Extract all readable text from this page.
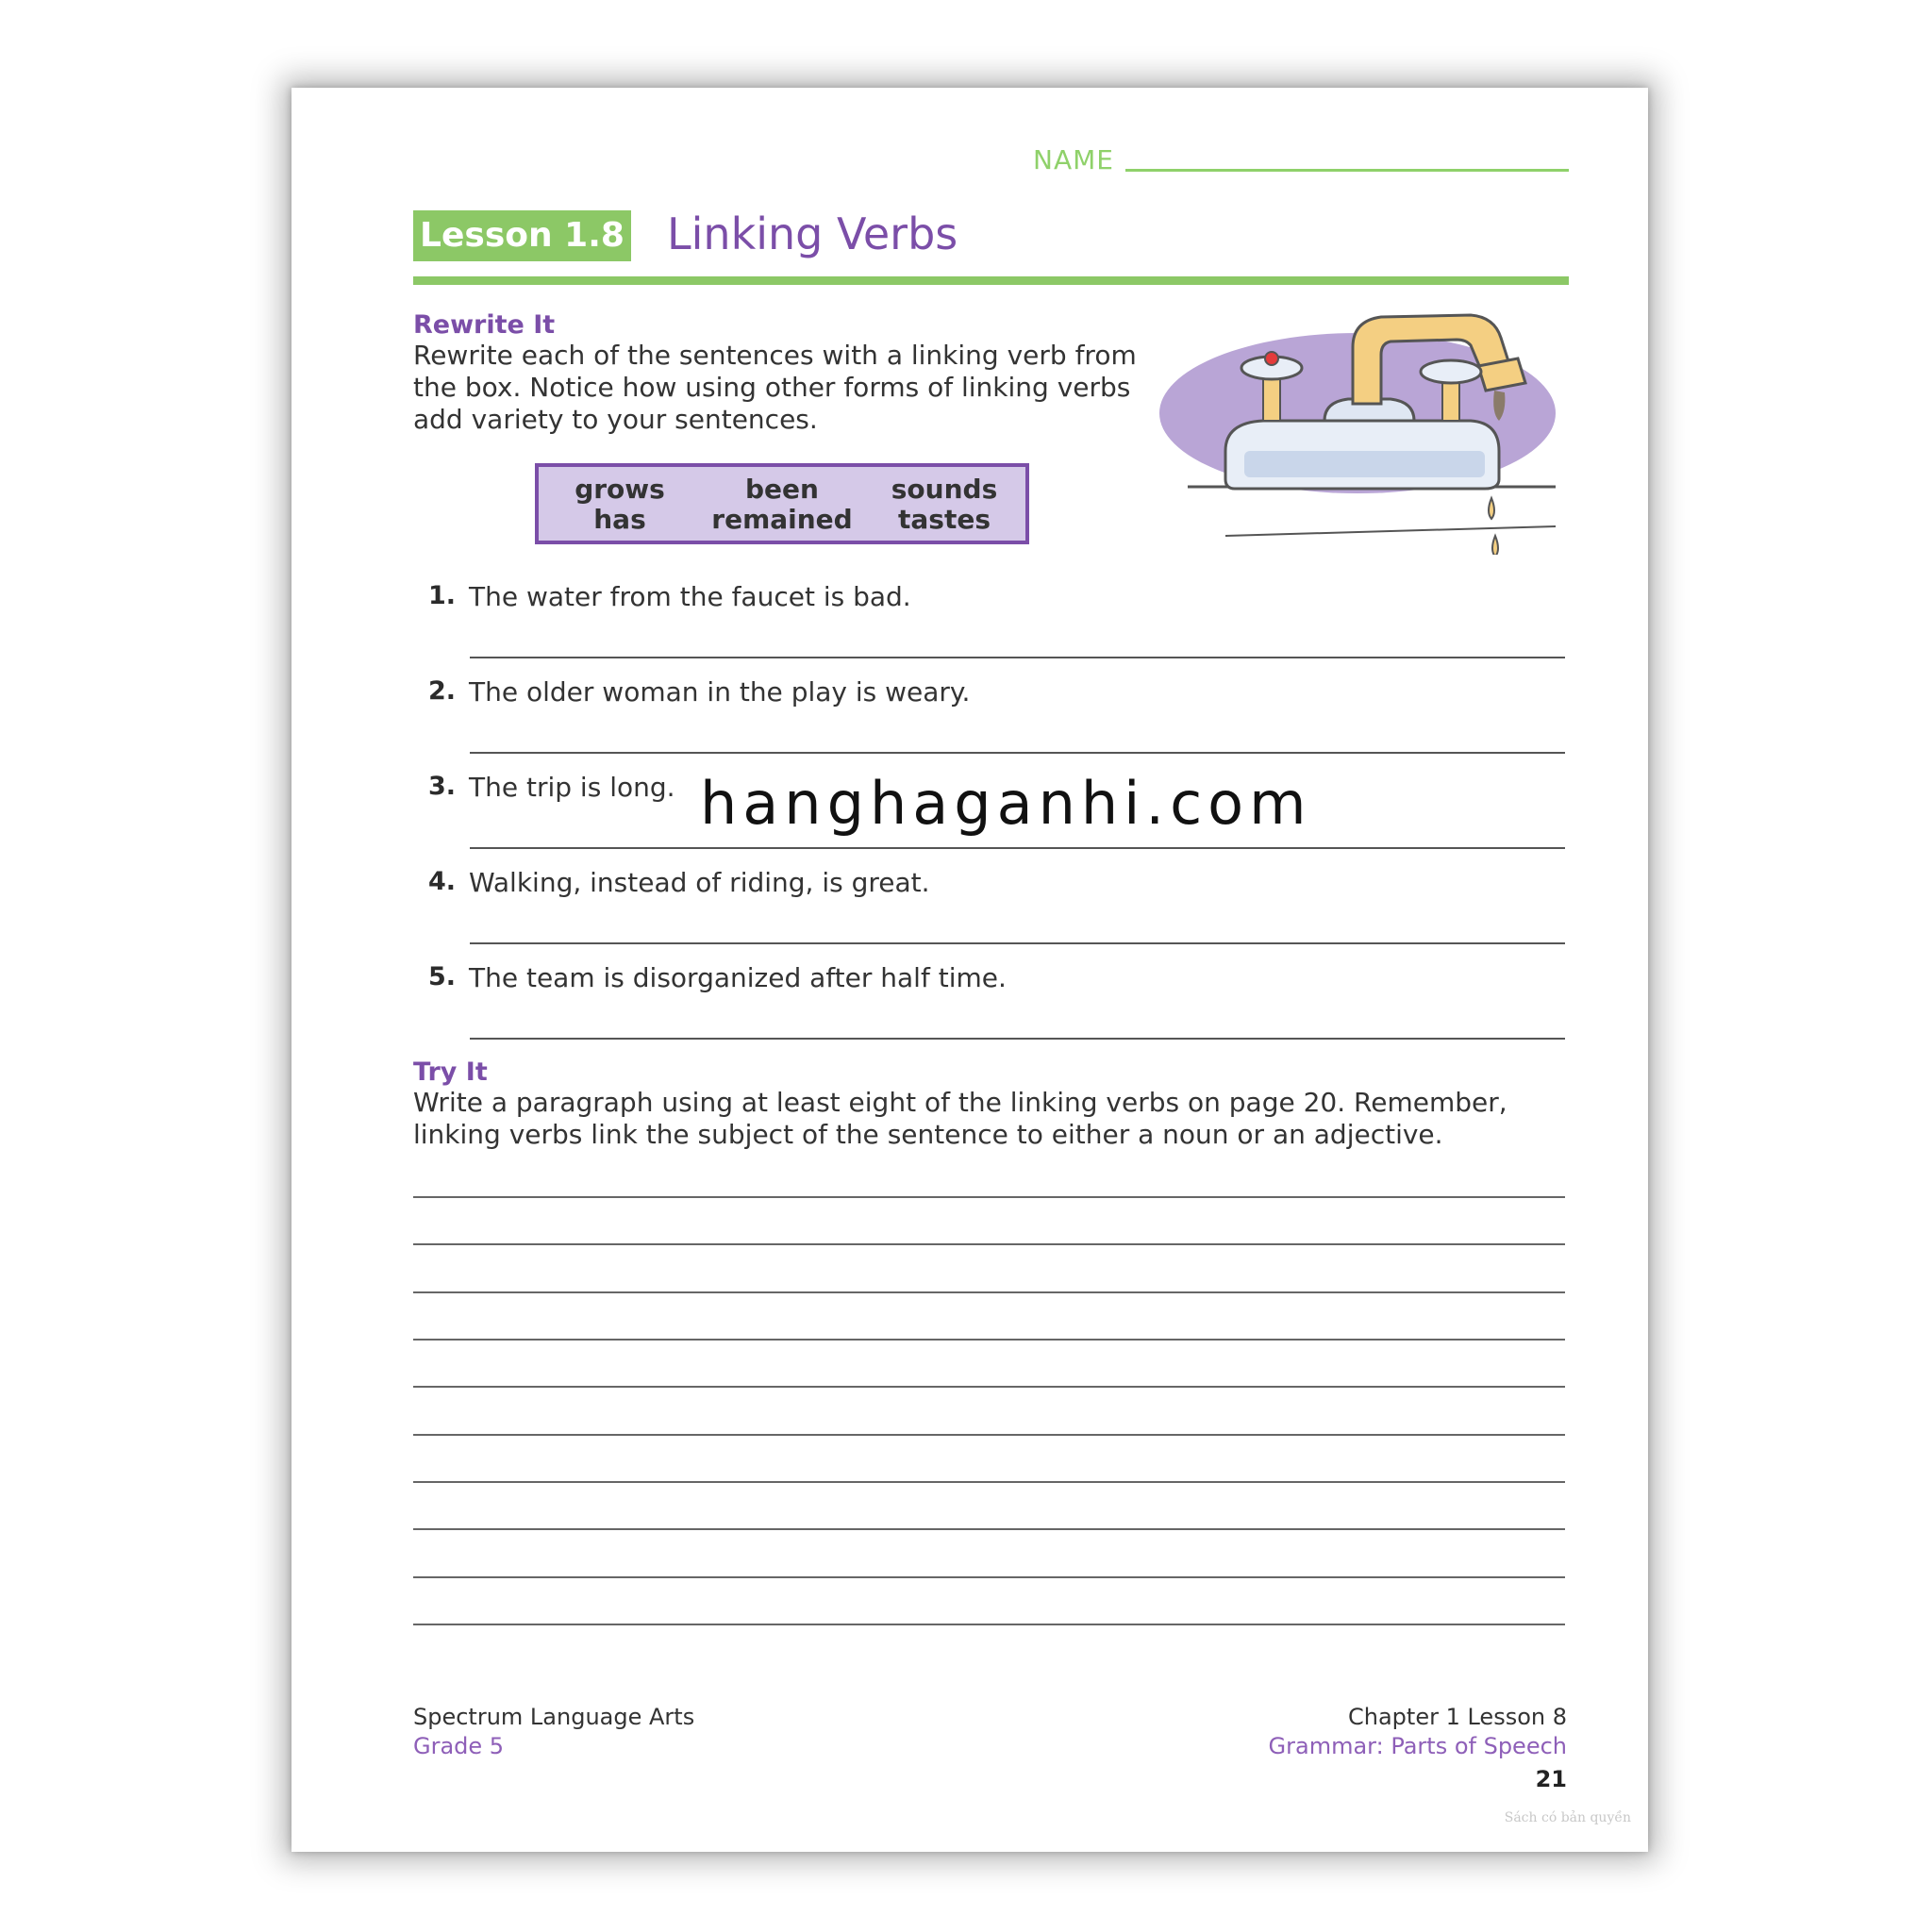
NAME
Lesson 1.8 Linking Verbs
Rewrite It
Rewrite each of the sentences with a linking verb from
the box. Notice how using other forms of linking verbs
add variety to your sentences.
grows	been	sounds
has	remained	tastes
1. The water from the faucet is bad.
2. The older woman in the play is weary.
3. The trip is long.
4. Walking, instead of riding, is great.
5. The team is disorganized after half time.
Try It
Write a paragraph using at least eight of the linking verbs on page 20. Remember,
linking verbs link the subject of the sentence to either a noun or an adjective.
Spectrum Language Arts
Grade 5
Chapter 1 Lesson 8
Grammar: Parts of Speech
21
Sách có bản quyền
hanghaganhi.com
